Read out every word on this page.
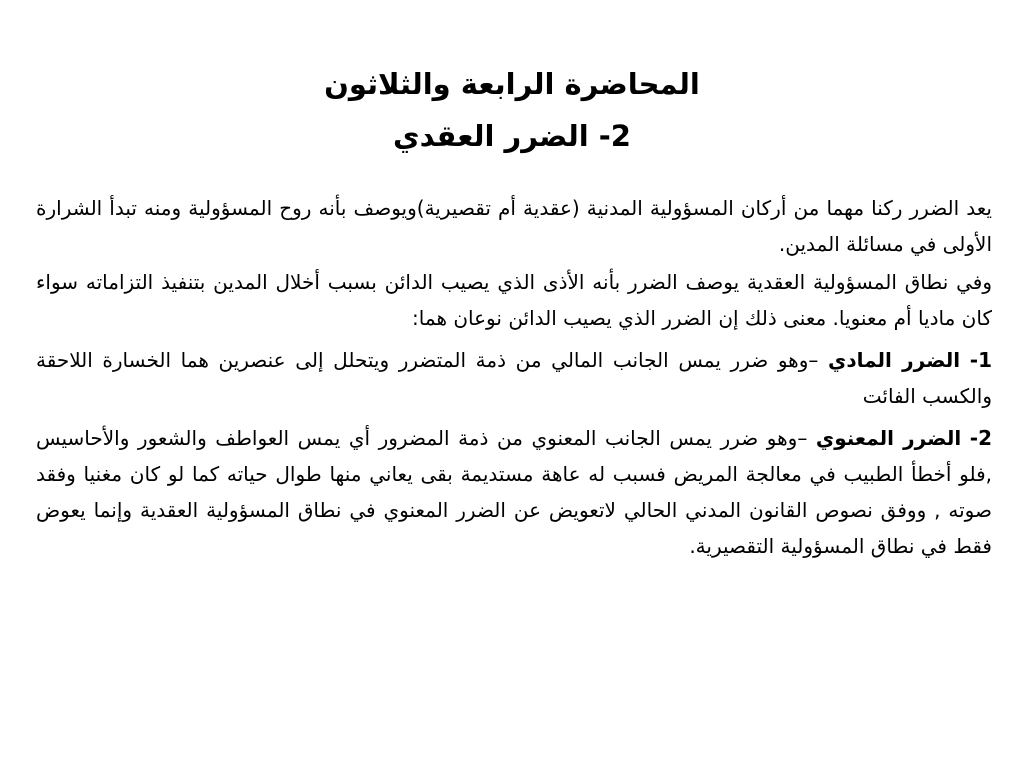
المحاضرة الرابعة والثلاثون
2- الضرر العقدي

يعد الضرر ركنا مهما من أركان المسؤولية المدنية (عقدية أم تقصيرية)ويوصف بأنه روح المسؤولية ومنه تبدأ الشرارة الأولى في مسائلة المدين.

وفي نطاق المسؤولية العقدية يوصف الضرر بأنه الأذى الذي يصيب الدائن بسبب أخلال المدين بتنفيذ التزاماته سواء كان ماديا أم معنويا. معنى ذلك إن الضرر الذي يصيب الدائن نوعان هما:

1- الضرر المادي –وهو ضرر يمس الجانب المالي من ذمة المتضرر ويتحلل إلى عنصرين هما الخسارة اللاحقة والكسب الفائت

2- الضرر المعنوي –وهو ضرر يمس الجانب المعنوي من ذمة المضرور أي يمس العواطف والشعور والأحاسيس ,فلو أخطأ الطبيب في معالجة المريض فسبب له عاهة مستديمة بقى يعاني منها طوال حياته كما لو كان مغنيا وفقد صوته , ووفق نصوص القانون المدني الحالي لاتعويض عن الضرر المعنوي في نطاق المسؤولية العقدية وإنما يعوض فقط في نطاق المسؤولية التقصيرية.
